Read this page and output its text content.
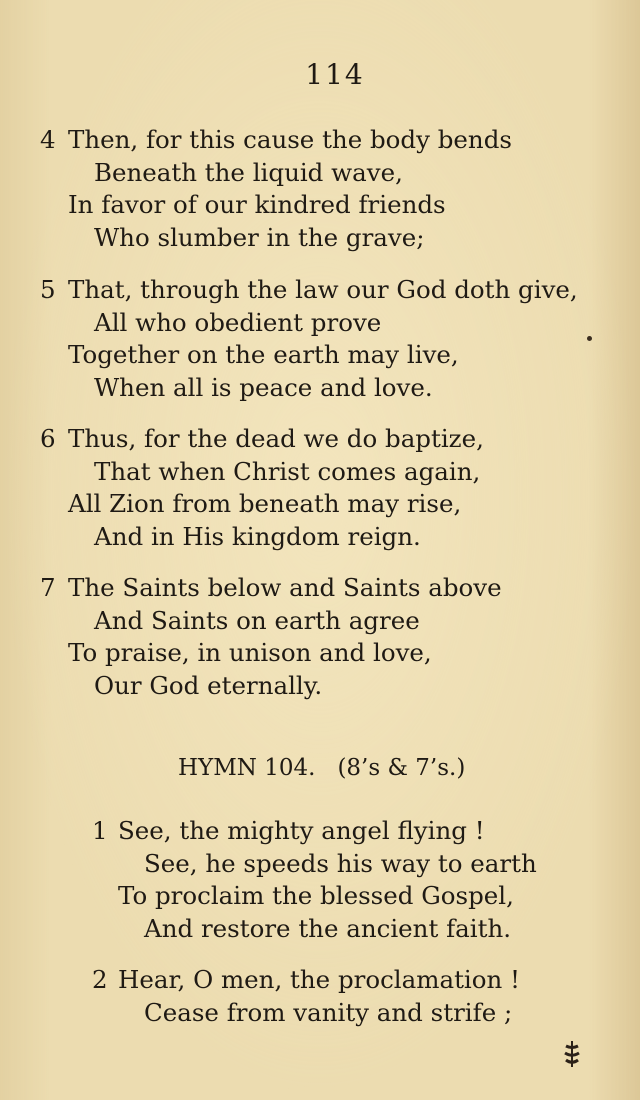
114
4 Then, for this cause the body bends
Beneath the liquid wave,
In favor of our kindred friends
Who slumber in the grave;
5 That, through the law our God doth give,
All who obedient prove
Together on the earth may live,
When all is peace and love.
6 Thus, for the dead we do baptize,
That when Christ comes again,
All Zion from beneath may rise,
And in His kingdom reign.
7 The Saints below and Saints above
And Saints on earth agree
To praise, in unison and love,
Our God eternally.
HYMN 104. (8’s & 7’s.)
1 See, the mighty angel flying !
See, he speeds his way to earth
To proclaim the blessed Gospel,
And restore the ancient faith.
2 Hear, O men, the proclamation !
Cease from vanity and strife ;
